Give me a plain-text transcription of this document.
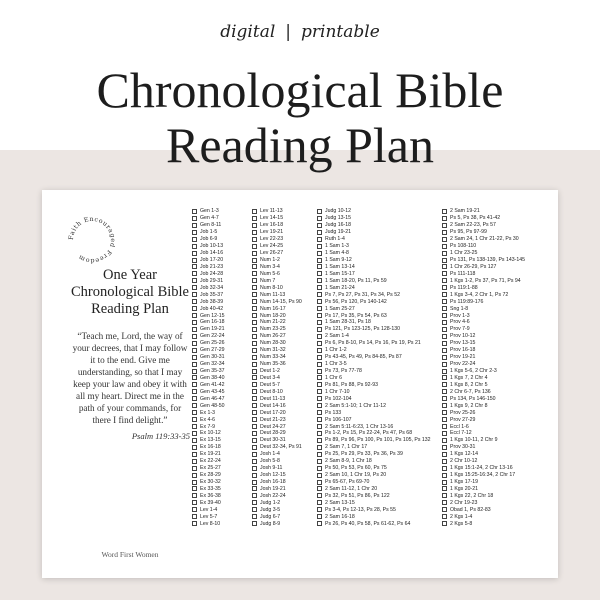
digital | printable
Chronological Bible
Reading Plan
Faith Encouraged Freedom
One Year Chronological Bible Reading Plan
“Teach me, Lord, the way of your decrees, that I may follow it to the end. Give me understanding, so that I may keep your law and obey it with all my heart. Direct me in the path of your commands, for there I find delight.”
Psalm 119:33-35
Word First Women
Gen 1-3
Gen 4-7
Gen 8-11
Job 1-5
Job 6-9
Job 10-13
Job 14-16
Job 17-20
Job 21-23
Job 24-28
Job 29-31
Job 32-34
Job 35-37
Job 38-39
Job 40-42
Gen 12-15
Gen 16-18
Gen 19-21
Gen 22-24
Gen 25-26
Gen 27-29
Gen 30-31
Gen 32-34
Gen 35-37
Gen 38-40
Gen 41-42
Gen 43-45
Gen 46-47
Gen 48-50
Ex 1-3
Ex 4-6
Ex 7-9
Ex 10-12
Ex 13-15
Ex 16-18
Ex 19-21
Ex 22-24
Ex 25-27
Ex 28-29
Ex 30-32
Ex 33-35
Ex 36-38
Ex 39-40
Lev 1-4
Lev 5-7
Lev 8-10
Lev 11-13
Lev 14-15
Lev 16-18
Lev 19-21
Lev 22-23
Lev 24-25
Lev 26-27
Num 1-2
Num 3-4
Num 5-6
Num 7
Num 8-10
Num 11-13
Num 14-15, Ps 90
Num 16-17
Num 18-20
Num 21-22
Num 23-25
Num 26-27
Num 28-30
Num 31-32
Num 33-34
Num 35-36
Deut 1-2
Deut 3-4
Deut 5-7
Deut 8-10
Deut 11-13
Deut 14-16
Deut 17-20
Deut 21-23
Deut 24-27
Deut 28-29
Deut 30-31
Deut 32-34, Ps 91
Josh 1-4
Josh 5-8
Josh 9-11
Josh 12-15
Josh 16-18
Josh 19-21
Josh 22-24
Judg 1-2
Judg 3-5
Judg 6-7
Judg 8-9
Judg 10-12
Judg 13-15
Judg 16-18
Judg 19-21
Ruth 1-4
1 Sam 1-3
1 Sam 4-8
1 Sam 9-12
1 Sam 13-14
1 Sam 15-17
1 Sam 18-20, Ps 11, Ps 59
1 Sam 21-24
Ps 7, Ps 27, Ps 31, Ps 34, Ps 52
Ps 56, Ps 120, Ps 140-142
1 Sam 25-27
Ps 17, Ps 35, Ps 54, Ps 63
1 Sam 28-31, Ps 18
Ps 121, Ps 123-125, Ps 128-130
2 Sam 1-4
Ps 6, Ps 8-10, Ps 14, Ps 16, Ps 19, Ps 21
1 Chr 1-2
Ps 43-45, Ps 49, Ps 84-85, Ps 87
1 Chr 3-5
Ps 73, Ps 77-78
1 Chr 6
Ps 81, Ps 88, Ps 92-93
1 Chr 7-10
Ps 102-104
2 Sam 5:1-10; 1 Chr 11-12
Ps 133
Ps 106-107
2 Sam 5:11-6:23, 1 Chr 13-16
Ps 1-2, Ps 15, Ps 22-24, Ps 47, Ps 68
Ps 89, Ps 96, Ps 100, Ps 101, Ps 105, Ps 132
2 Sam 7, 1 Chr 17
Ps 25, Ps 29, Ps 33, Ps 36, Ps 39
2 Sam 8-9, 1 Chr 18
Ps 50, Ps 53, Ps 60, Ps 75
2 Sam 10, 1 Chr 19, Ps 20
Ps 65-67, Ps 69-70
2 Sam 11-12, 1 Chr 20
Ps 32, Ps 51, Ps 86, Ps 122
2 Sam 13-15
Ps 3-4, Ps 12-13, Ps 28, Ps 55
2 Sam 16-18
Ps 26, Ps 40, Ps 58, Ps 61-62, Ps 64
2 Sam 19-21
Ps 5, Ps 38, Ps 41-42
2 Sam 22-23, Ps 57
Ps 95, Ps 97-99
2 Sam 24, 1 Chr 21-22, Ps 30
Ps 108-110
1 Chr 23-25
Ps 131, Ps 138-139, Ps 143-145
1 Chr 26-29, Ps 127
Ps 111-118
1 Kgs 1-2, Ps 37, Ps 71, Ps 94
Ps 119:1-88
1 Kgs 3-4, 2 Chr 1, Ps 72
Ps 119:89-176
Sng 1-8
Prov 1-3
Prov 4-6
Prov 7-9
Prov 10-12
Prov 13-15
Prov 16-18
Prov 19-21
Prov 22-24
1 Kgs 5-6, 2 Chr 2-3
1 Kgs 7, 2 Chr 4
1 Kgs 8, 2 Chr 5
2 Chr 6-7, Ps 136
Ps 134, Ps 146-150
1 Kgs 9, 2 Chr 8
Prov 25-26
Prov 27-29
Eccl 1-6
Eccl 7-12
1 Kgs 10-11, 2 Chr 9
Prov 30-31
1 Kgs 12-14
2 Chr 10-12
1 Kgs 15:1-24, 2 Chr 13-16
1 Kgs 15:25-16:34, 2 Chr 17
1 Kgs 17-19
1 Kgs 20-21
1 Kgs 22, 2 Chr 18
2 Chr 19-23
Obad 1, Ps 82-83
2 Kgs 1-4
2 Kgs 5-8
